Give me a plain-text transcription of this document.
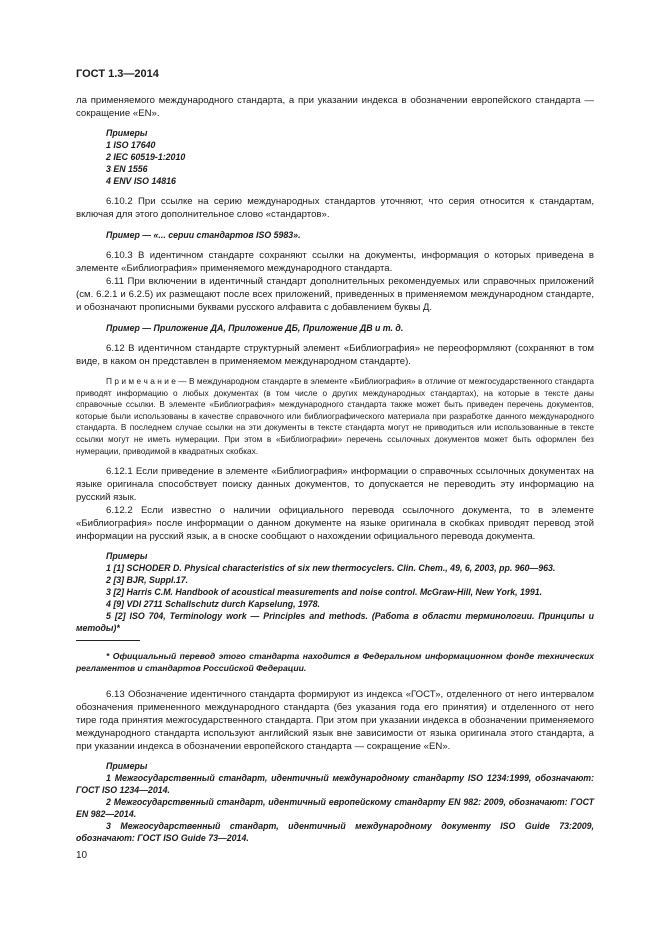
ГОСТ 1.3—2014

ла применяемого международного стандарта, а при указании индекса в обозначении европейского стандарта — сокращение «EN».

Примеры

1 ISO 17640

2 IEC 60519-1:2010

3 EN 1556

4 ENV ISO 14816

6.10.2 При ссылке на серию международных стандартов уточняют, что серия относится к стандартам, включая для этого дополнительное слово «стандартов».

Пример — «... серии стандартов ISO 5983».

6.10.3 В идентичном стандарте сохраняют ссылки на документы, информация о которых приведена в элементе «Библиография» применяемого международного стандарта.

6.11 При включении в идентичный стандарт дополнительных рекомендуемых или справочных приложений (см. 6.2.1 и 6.2.5) их размещают после всех приложений, приведенных в применяемом международном стандарте, и обозначают прописными буквами русского алфавита с добавлением буквы Д.

Пример — Приложение ДА, Приложение ДБ, Приложение ДВ и т. д.

6.12 В идентичном стандарте структурный элемент «Библиография» не переоформляют (сохраняют в том виде, в каком он представлен в применяемом международном стандарте).

П р и м е ч а н и е — В международном стандарте в элементе «Библиография» в отличие от межгосударственного стандарта приводят информацию о любых документах (в том числе о других международных стандартах), на которые в тексте даны справочные ссылки. В элементе «Библиография» международного стандарта также может быть приведен перечень документов, которые были использованы в качестве справочного или библиографического материала при разработке данного международного стандарта. В последнем случае ссылки на эти документы в тексте стандарта могут не приводиться или использованные в тексте ссылки могут не иметь нумерации. При этом в «Библиографии» перечень ссылочных документов может быть оформлен без нумерации, приводимой в квадратных скобках.

6.12.1 Если приведение в элементе «Библиография» информации о справочных ссылочных документах на языке оригинала способствует поиску данных документов, то допускается не переводить эту информацию на русский язык.

6.12.2 Если известно о наличии официального перевода ссылочного документа, то в элементе «Библиография» после информации о данном документе на языке оригинала в скобках приводят перевод этой информации на русский язык, а в сноске сообщают о нахождении официального перевода документа.

Примеры

1 [1] SCHODER D. Physical characteristics of six new thermocyclers. Clin. Chem., 49, 6, 2003, pp. 960—963.

2 [3] BJR, Suppl.17.

3 [2] Harris C.M. Handbook of acoustical measurements and noise control. McGraw-Hill, New York, 1991.

4 [9] VDI 2711 Schallschutz durch Kapselung, 1978.

5 [2] ISO 704, Terminology work — Principles and methods. (Работа в области терминологии. Принципы и методы)*

* Официальный перевод этого стандарта находится в Федеральном информационном фонде технических регламентов и стандартов Российской Федерации.

6.13 Обозначение идентичного стандарта формируют из индекса «ГОСТ», отделенного от него интервалом обозначения примененного международного стандарта (без указания года его принятия) и отделенного от него тире года принятия межгосударственного стандарта. При этом при указании индекса в обозначении применяемого международного стандарта используют английский язык вне зависимости от языка оригинала этого стандарта, а при указании индекса в обозначении европейского стандарта — сокращение «EN».

Примеры

1 Межгосударственный стандарт, идентичный международному стандарту ISO 1234:1999, обозначают: ГОСТ ISO 1234—2014.

2 Межгосударственный стандарт, идентичный европейскому стандарту EN 982: 2009, обозначают: ГОСТ EN 982—2014.

3 Межгосударственный стандарт, идентичный международному документу ISO Guide 73:2009, обозначают: ГОСТ ISO Guide 73—2014.

10
